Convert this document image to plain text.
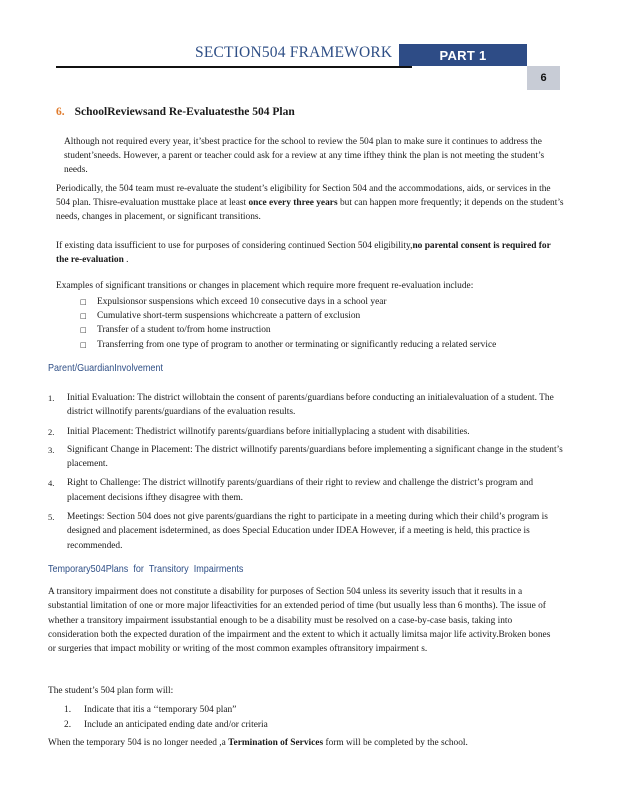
SECTION504 FRAMEWORK	PART 1
6
6. SchoolReviewsand Re-Evaluatesthe 504 Plan

Although not required every year, it’sbest practice for the school to review the 504 plan to make sure it continues to address the student’sneeds. However, a parent or teacher could ask for a review at any time ifthey think the plan is not meeting the student’s needs.

Periodically, the 504 team must re-evaluate the student’s eligibility for Section 504 and the accommodations, aids, or services in the 504 plan. Thisre-evaluation musttake place at least once every three years but can happen more frequently; it depends on the student’s needs, changes in placement, or significant transitions.

If existing data issufficient to use for purposes of considering continued Section 504 eligibility,no parental consent is required for the re-evaluation .

Examples of significant transitions or changes in placement which require more frequent re-evaluation include:

□ Expulsionsor suspensions which exceed 10 consecutive days in a school year
□ Cumulative short-term suspensions whichcreate a pattern of exclusion
□ Transfer of a student to/from home instruction
□ Transferring from one type of program to another or terminating or significantly reducing a related service
Parent/GuardianInvolvement
1. Initial Evaluation: The district willobtain the consent of parents/guardians before conducting an initialevaluation of a student. The district willnotify parents/guardians of the evaluation results.
2. Initial Placement: Thedistrict willnotify parents/guardians before initiallyplacing a student with disabilities.
3. Significant Change in Placement: The district willnotify parents/guardians before implementing a significant change in the student’s placement.
4. Right to Challenge: The district willnotify parents/guardians of their right to review and challenge the district’s program and placement decisions ifthey disagree with them.
5. Meetings: Section 504 does not give parents/guardians the right to participate in a meeting during which their child’s program is designed and placement isdetermined, as does Special Education under IDEA However, if a meeting is held, this practice is recommended.
Temporary504Plans for Transitory Impairments

A transitory impairment does not constitute a disability for purposes of Section 504 unless its severity issuch that it results in a substantial limitation of one or more major lifeactivities for an extended period of time (but usually less than 6 months). The issue of whether a transitory impairment issubstantial enough to be a disability must be resolved on a case-by-case basis, taking into consideration both the expected duration of the impairment and the extent to which it actually limitsa major life activity.Broken bones or surgeries that impact mobility or writing of the most common examples oftransitory impairment s.

The student’s 504 plan form will:

1. Indicate that itis a ‘‘temporary 504 plan”
2. Include an anticipated ending date and/or criteria

When the temporary 504 is no longer needed ,a Termination of Services form will be completed by the school.
